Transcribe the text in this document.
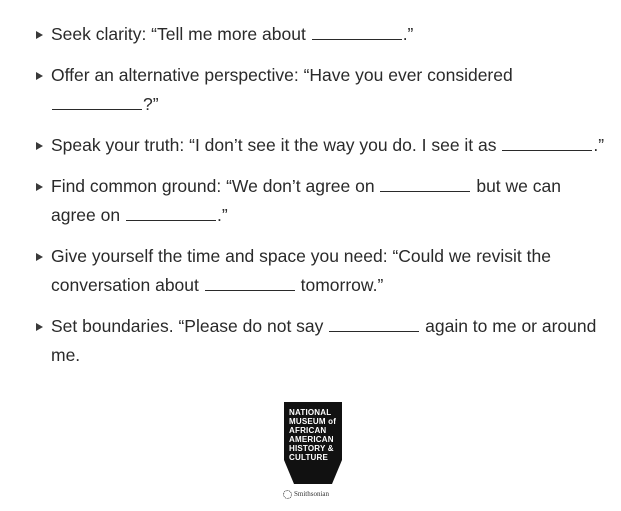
Seek clarity: “Tell me more about	.”
Offer an alternative perspective: “Have you ever considered ?”
Speak your truth: “I don’t see it the way you do. I see it as	.”
Find common ground: “We don’t agree on	but we can agree on	.”
Give yourself the time and space you need: “Could we revisit the conversation about	tomorrow.”
Set boundaries. “Please do not say	again to me or around me.
NATIONAL
MUSEUM of
AFRICAN
AMERICAN
HISTORY &
CULTURE
Smithsonian
